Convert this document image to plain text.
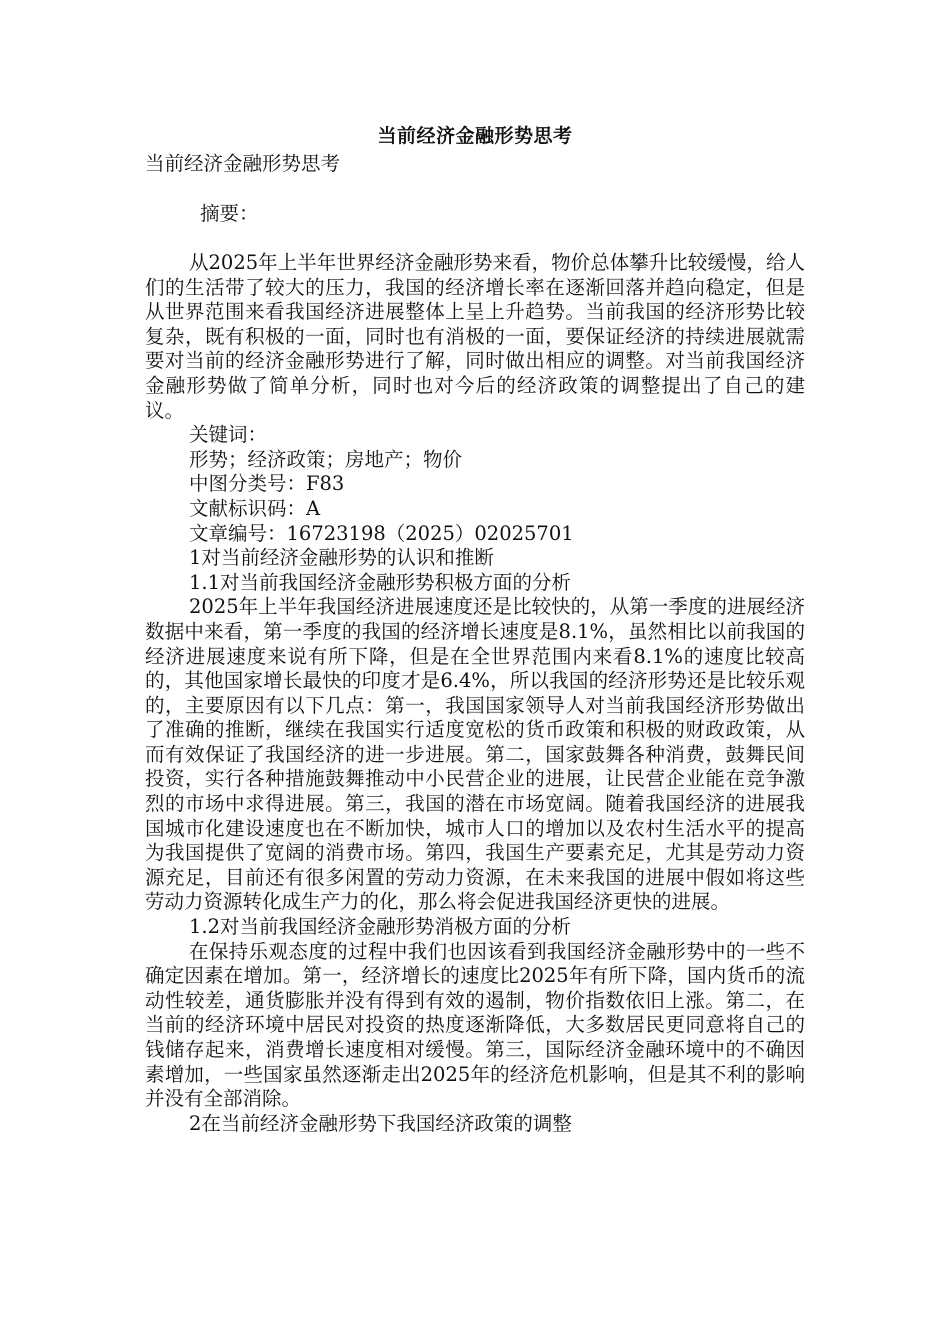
当前经济金融形势思考
当前经济金融形势思考
摘要：

从2025年上半年世界经济金融形势来看，物价总体攀升比较缓慢，给人们的生活带了较大的压力，我国的经济增长率在逐渐回落并趋向稳定，但是从世界范围来看我国经济进展整体上呈上升趋势。当前我国的经济形势比较复杂，既有积极的一面，同时也有消极的一面，要保证经济的持续进展就需要对当前的经济金融形势进行了解，同时做出相应的调整。对当前我国经济金融形势做了简单分析，同时也对今后的经济政策的调整提出了自己的建议。

关键词：

形势；经济政策；房地产；物价

中图分类号：F83

文献标识码：A

文章编号：16723198（2025）02025701

1对当前经济金融形势的认识和推断

1.1对当前我国经济金融形势积极方面的分析

2025年上半年我国经济进展速度还是比较快的，从第一季度的进展经济数据中来看，第一季度的我国的经济增长速度是8.1%，虽然相比以前我国的经济进展速度来说有所下降，但是在全世界范围内来看8.1%的速度比较高的，其他国家增长最快的印度才是6.4%，所以我国的经济形势还是比较乐观的，主要原因有以下几点：第一，我国国家领导人对当前我国经济形势做出了准确的推断，继续在我国实行适度宽松的货币政策和积极的财政政策，从而有效保证了我国经济的进一步进展。第二，国家鼓舞各种消费，鼓舞民间投资，实行各种措施鼓舞推动中小民营企业的进展，让民营企业能在竞争激烈的市场中求得进展。第三，我国的潜在市场宽阔。随着我国经济的进展我国城市化建设速度也在不断加快，城市人口的增加以及农村生活水平的提高为我国提供了宽阔的消费市场。第四，我国生产要素充足，尤其是劳动力资源充足，目前还有很多闲置的劳动力资源，在未来我国的进展中假如将这些劳动力资源转化成生产力的化，那么将会促进我国经济更快的进展。

1.2对当前我国经济金融形势消极方面的分析

在保持乐观态度的过程中我们也因该看到我国经济金融形势中的一些不确定因素在增加。第一，经济增长的速度比2025年有所下降，国内货币的流动性较差，通货膨胀并没有得到有效的遏制，物价指数依旧上涨。第二，在当前的经济环境中居民对投资的热度逐渐降低，大多数居民更同意将自己的钱储存起来，消费增长速度相对缓慢。第三，国际经济金融环境中的不确因素增加，一些国家虽然逐渐走出2025年的经济危机影响，但是其不利的影响并没有全部消除。

2在当前经济金融形势下我国经济政策的调整
